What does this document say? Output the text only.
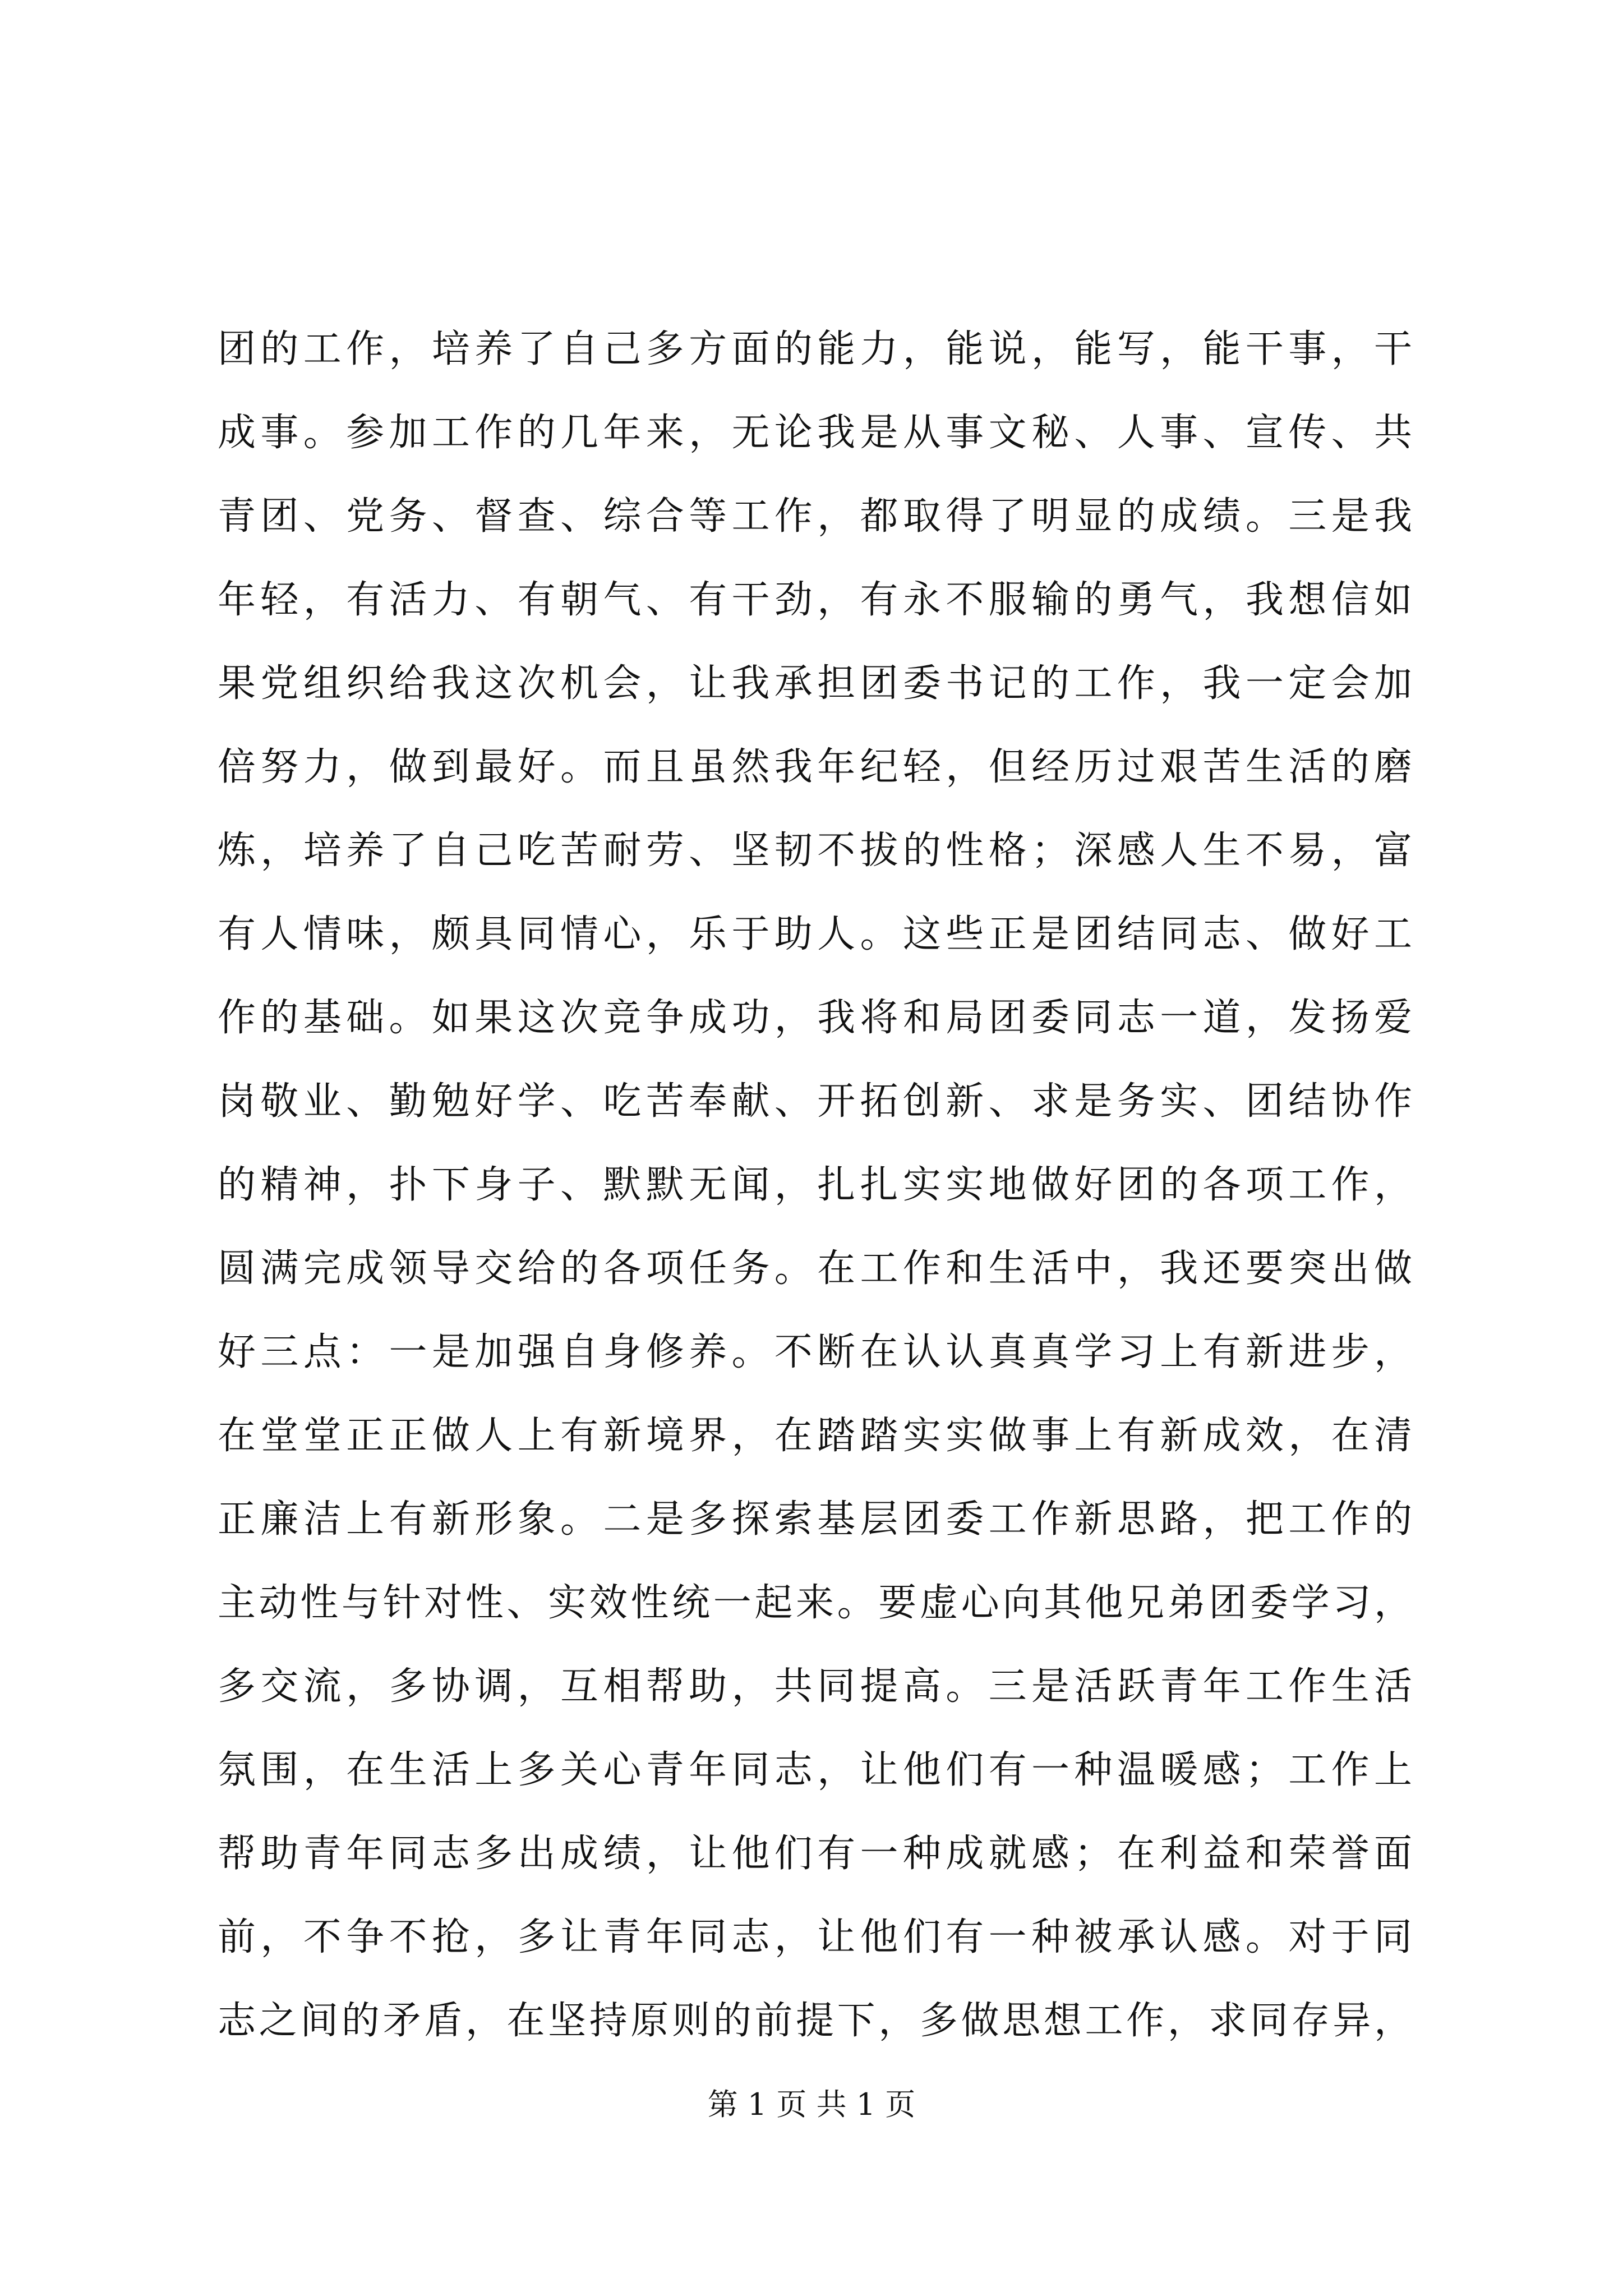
团的工作，培养了自己多方面的能力，能说，能写，能干事，干
成事。参加工作的几年来，无论我是从事文秘、人事、宣传、共
青团、党务、督查、综合等工作，都取得了明显的成绩。三是我
年轻，有活力、有朝气、有干劲，有永不服输的勇气，我想信如
果党组织给我这次机会，让我承担团委书记的工作，我一定会加
倍努力，做到最好。而且虽然我年纪轻，但经历过艰苦生活的磨
炼，培养了自己吃苦耐劳、坚韧不拔的性格；深感人生不易，富
有人情味，颇具同情心，乐于助人。这些正是团结同志、做好工
作的基础。如果这次竞争成功，我将和局团委同志一道，发扬爱
岗敬业、勤勉好学、吃苦奉献、开拓创新、求是务实、团结协作
的精神，扑下身子、默默无闻，扎扎实实地做好团的各项工作，
圆满完成领导交给的各项任务。在工作和生活中，我还要突出做
好三点：一是加强自身修养。不断在认认真真学习上有新进步，
在堂堂正正做人上有新境界，在踏踏实实做事上有新成效，在清
正廉洁上有新形象。二是多探索基层团委工作新思路，把工作的
主动性与针对性、实效性统一起来。要虚心向其他兄弟团委学习，
多交流，多协调，互相帮助，共同提高。三是活跃青年工作生活
氛围，在生活上多关心青年同志，让他们有一种温暖感；工作上
帮助青年同志多出成绩，让他们有一种成就感；在利益和荣誉面
前，不争不抢，多让青年同志，让他们有一种被承认感。对于同
志之间的矛盾，在坚持原则的前提下，多做思想工作，求同存异，
第 1 页 共 1 页
